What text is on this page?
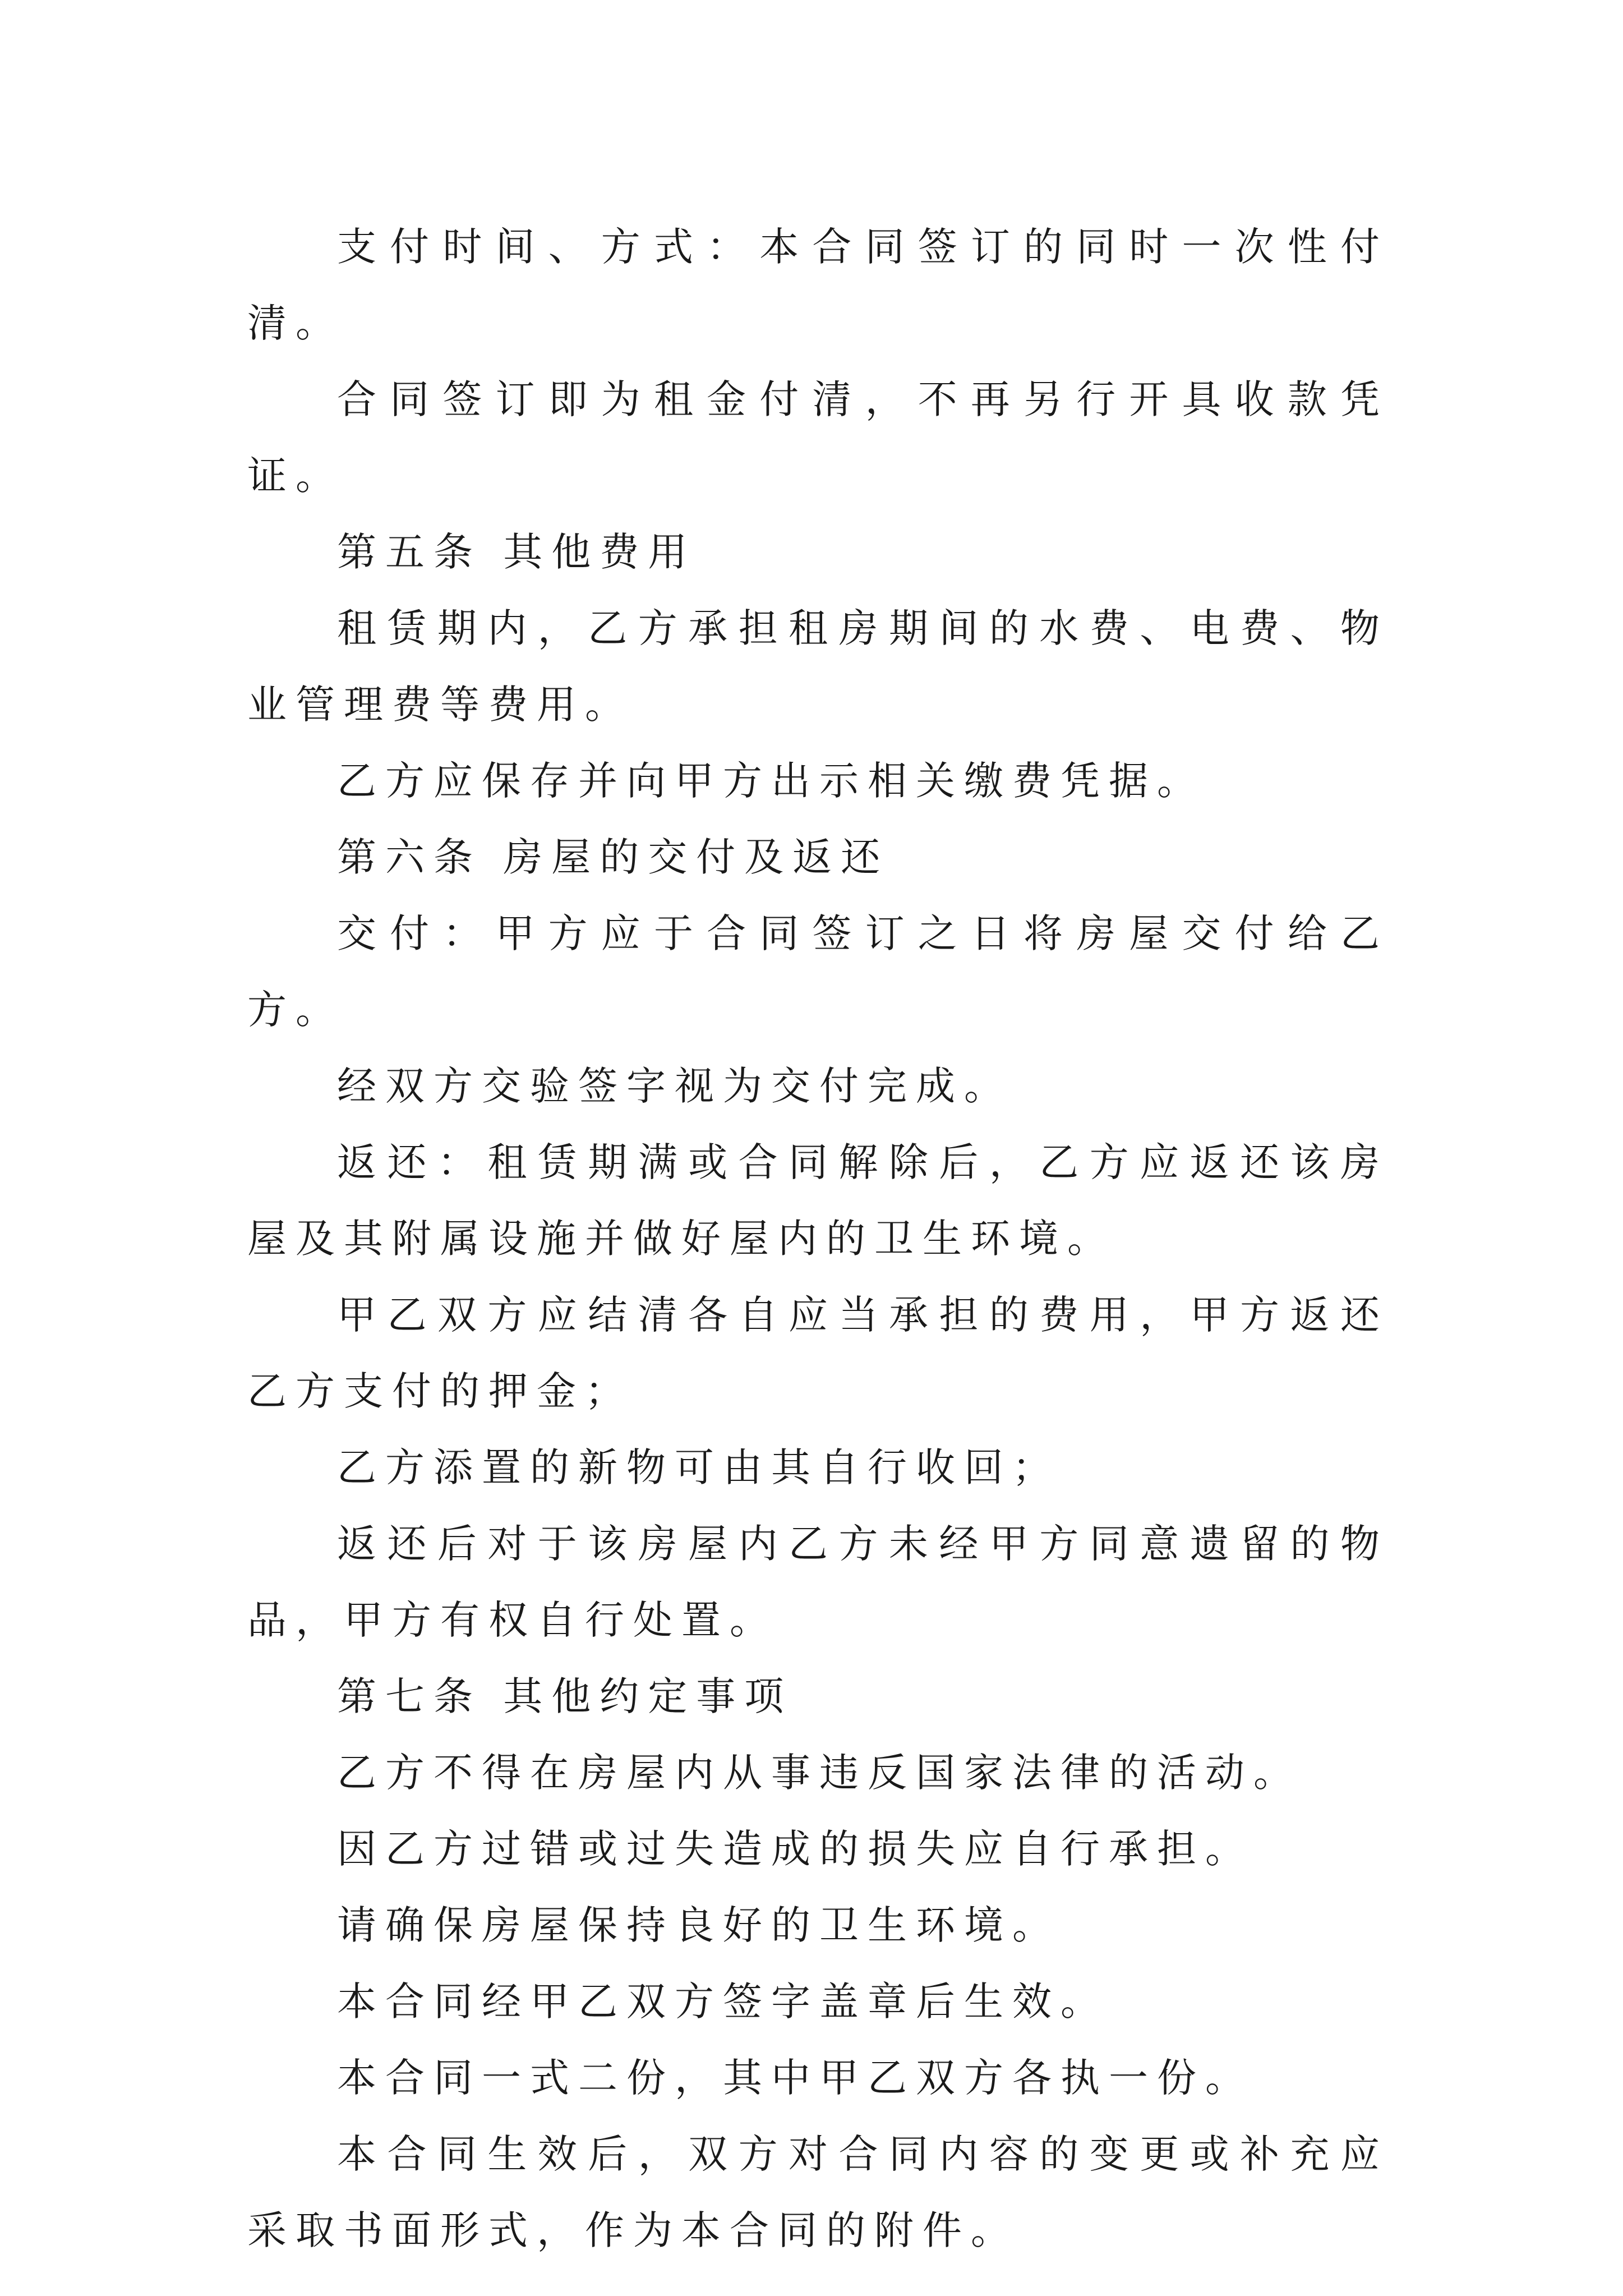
支付时间、方式：本合同签订的同时一次性付清。

合同签订即为租金付清，不再另行开具收款凭证。

第五条 其他费用

租赁期内，乙方承担租房期间的水费、电费、物业管理费等费用。

乙方应保存并向甲方出示相关缴费凭据。

第六条 房屋的交付及返还

交付：甲方应于合同签订之日将房屋交付给乙方。

经双方交验签字视为交付完成。

返还：租赁期满或合同解除后，乙方应返还该房屋及其附属设施并做好屋内的卫生环境。

甲乙双方应结清各自应当承担的费用，甲方返还乙方支付的押金；

乙方添置的新物可由其自行收回；

返还后对于该房屋内乙方未经甲方同意遗留的物品，甲方有权自行处置。

第七条 其他约定事项

乙方不得在房屋内从事违反国家法律的活动。

因乙方过错或过失造成的损失应自行承担。

请确保房屋保持良好的卫生环境。

本合同经甲乙双方签字盖章后生效。

本合同一式二份，其中甲乙双方各执一份。

本合同生效后，双方对合同内容的变更或补充应采取书面形式，作为本合同的附件。
